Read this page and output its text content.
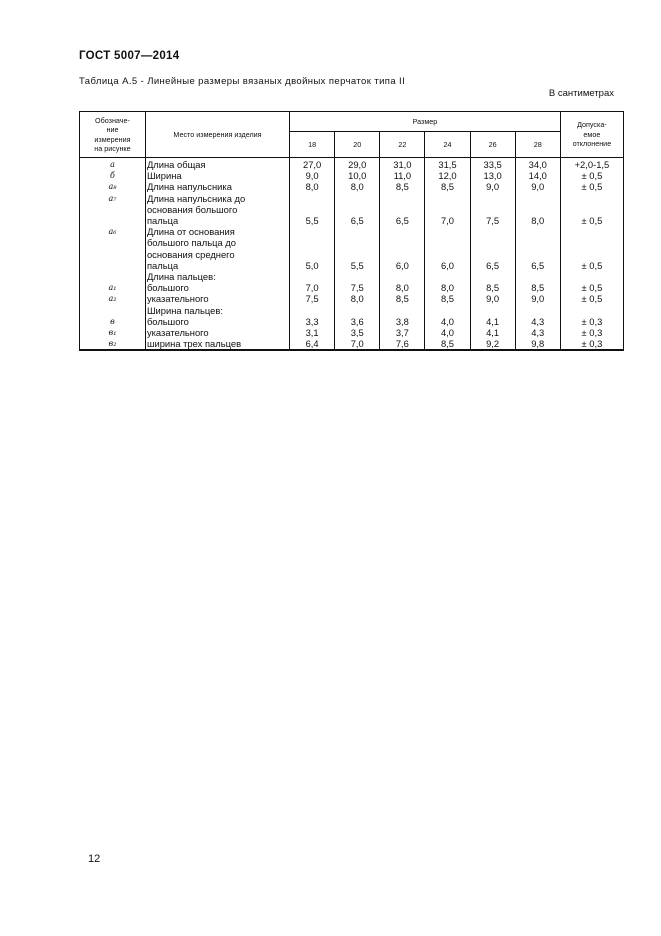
ГОСТ 5007—2014
Таблица А.5 - Линейные размеры вязаных двойных перчаток типа II
В сантиметрах
Обозначе-
ние
измерения
на рисунке	Место измерения изделия	Размер						Допуска-
емое
отклонение
		18	20	22	24	26	28	
а	Длина общая	27,0	29,0	31,0	31,5	33,5	34,0	+2,0-1,5
б	Ширина	9,0	10,0	11,0	12,0	13,0	14,0	± 0,5
а₈	Длина напульсника	8,0	8,0	8,5	8,5	9,0	9,0	± 0,5
а₇	Длина напульсника до
основания большого
пальца	5,5	6,5	6,5	7,0	7,5	8,0	± 0,5
а₆	Длина от основания
большого пальца до
основания среднего
пальца	5,0	5,5	6,0	6,0	6,5	6,5	± 0,5

	Длина пальцев:							

а₁	большого	7,0	7,5	8,0	8,0	8,5	8,5	± 0,5
а₂	указательного	7,5	8,0	8,5	8,5	9,0	9,0	± 0,5

	Ширина пальцев:							

в	большого	3,3	3,6	3,8	4,0	4,1	4,3	± 0,3
в₁	указательного	3,1	3,5	3,7	4,0	4,1	4,3	± 0,3
в₂	ширина трех пальцев	6,4	7,0	7,6	8,5	9,2	9,8	± 0,3
12
